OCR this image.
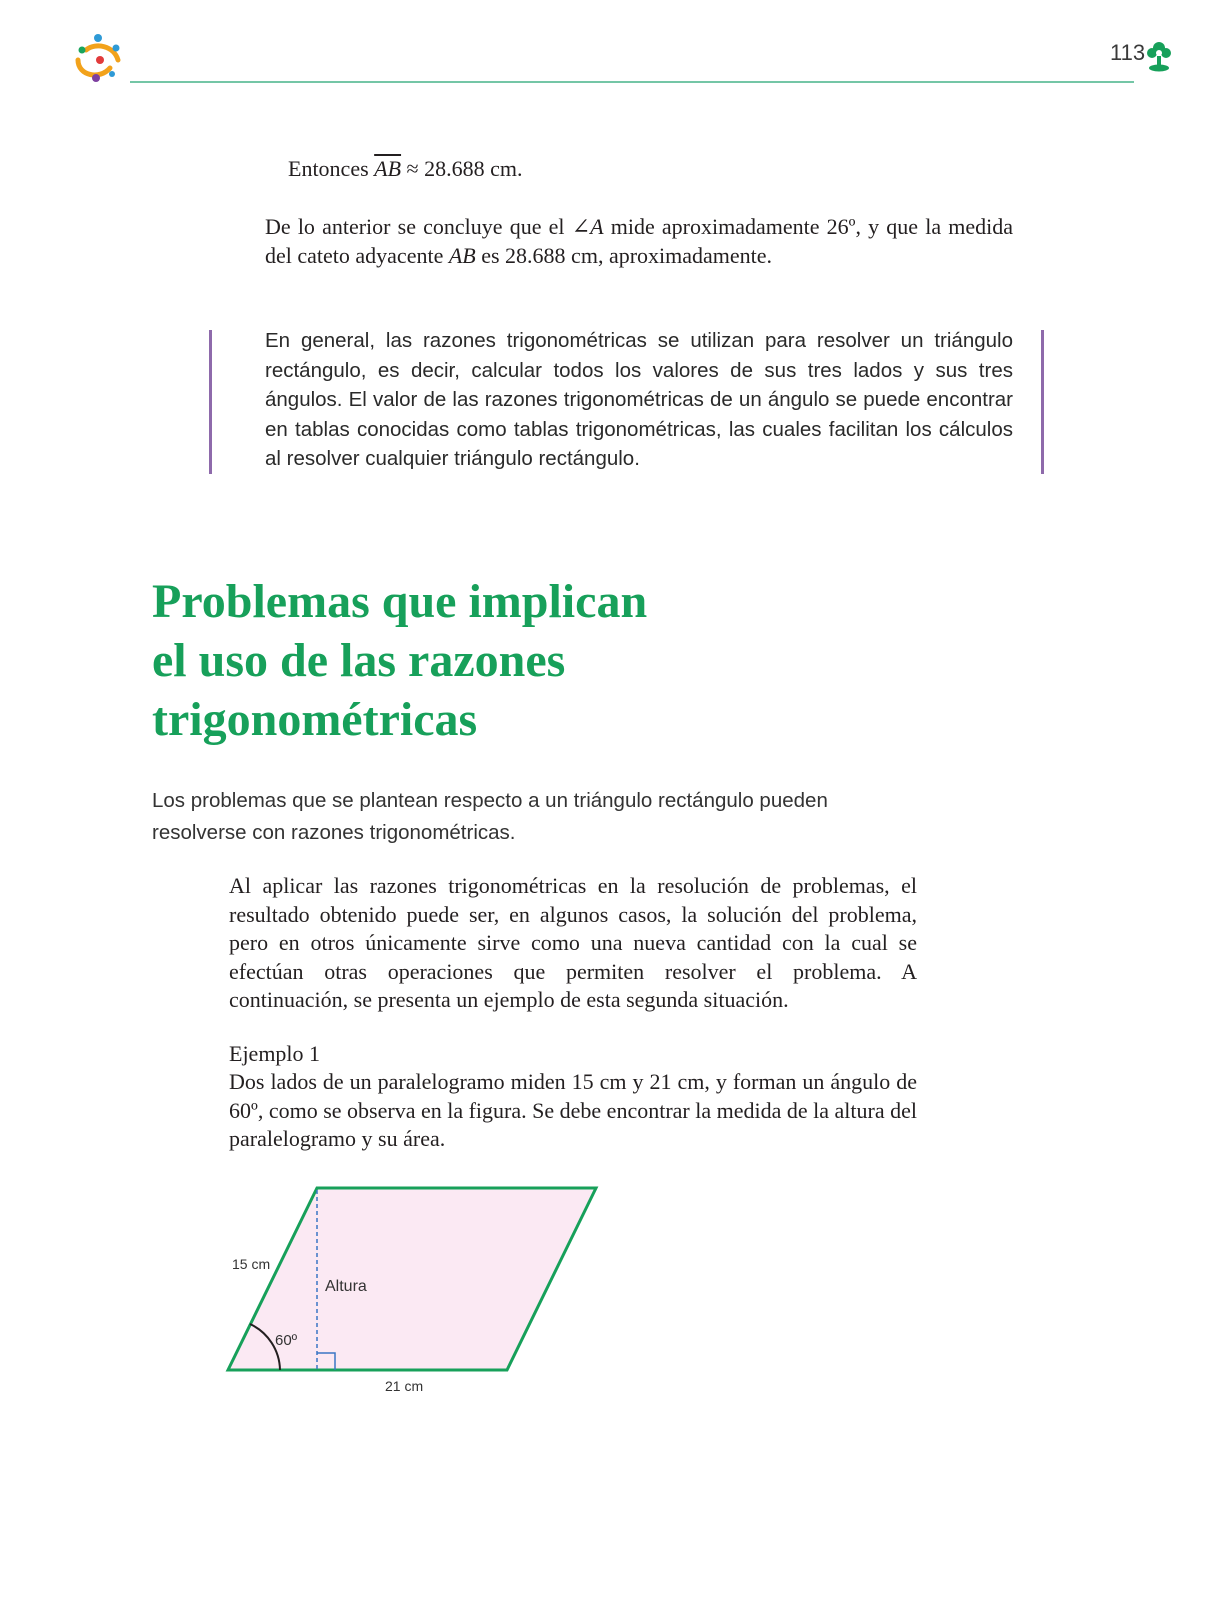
113

Entonces $\overline{AB} \approx 28.688$ cm.

De lo anterior se concluye que el ∠A mide aproximadamente 26º, y que la medida del cateto adyacente AB es 28.688 cm, aproximadamente.

En general, las razones trigonométricas se utilizan para resolver un triángulo rectángulo, es decir, calcular todos los valores de sus tres lados y sus tres ángulos. El valor de las razones trigonométricas de un ángulo se puede encontrar en tablas conocidas como tablas trigonométricas, las cuales facilitan los cálculos al resolver cualquier triángulo rectángulo.

Problemas que implican
el uso de las razones
trigonométricas

Los problemas que se plantean respecto a un triángulo rectángulo pueden resolverse con razones trigonométricas.

Al aplicar las razones trigonométricas en la resolución de problemas, el resultado obtenido puede ser, en algunos casos, la solución del problema, pero en otros únicamente sirve como una nueva cantidad con la cual se efectúan otras operaciones que permiten resolver el problema. A continuación, se presenta un ejemplo de esta segunda situación.

Ejemplo 1

Dos lados de un paralelogramo miden 15 cm y 21 cm, y forman un ángulo de 60º, como se observa en la figura. Se debe encontrar la medida de la altura del paralelogramo y su área.

15 cm
Altura
60º
21 cm
